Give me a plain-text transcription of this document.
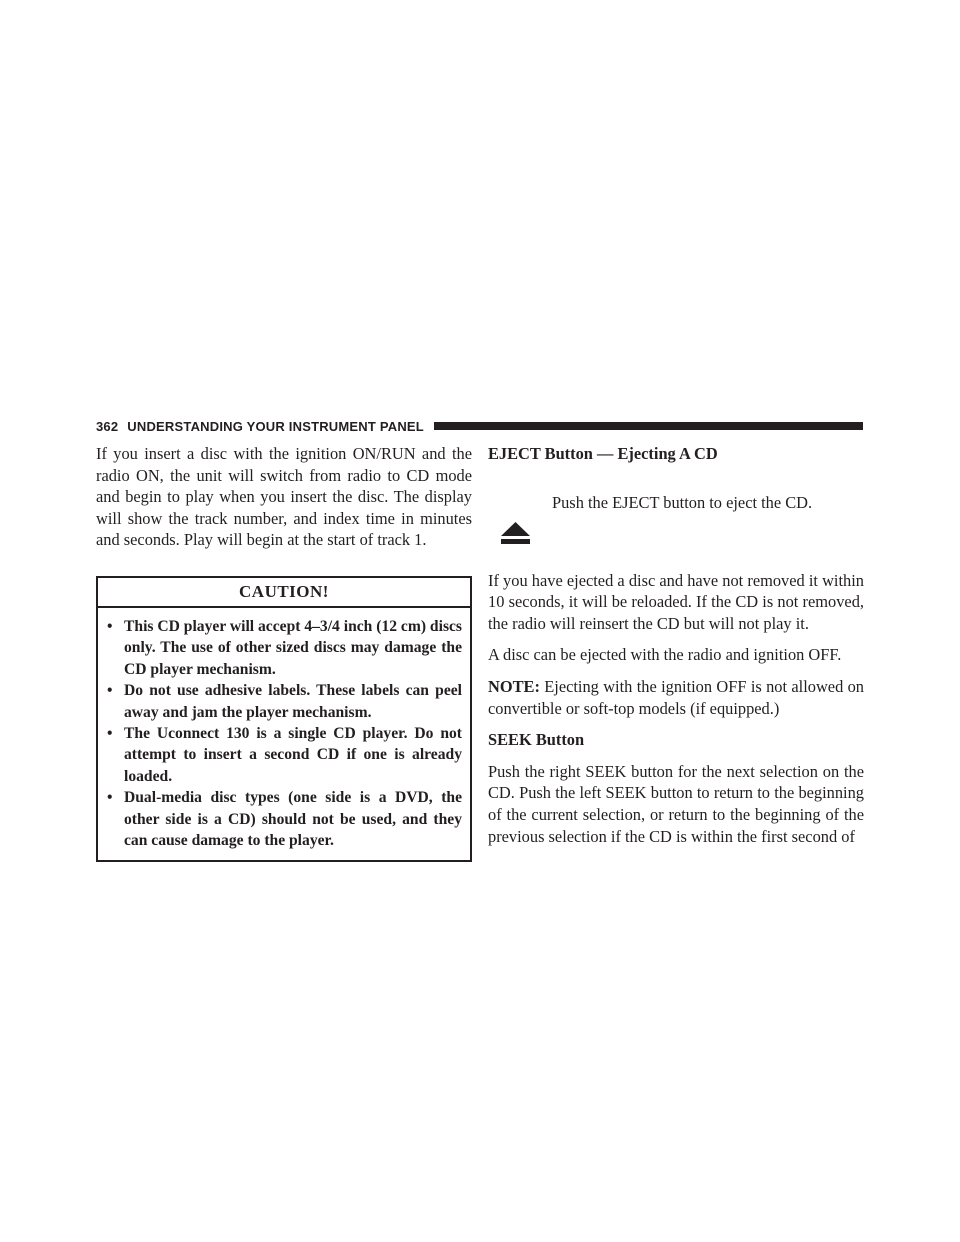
362 UNDERSTANDING YOUR INSTRUMENT PANEL

If you insert a disc with the ignition ON/RUN and the radio ON, the unit will switch from radio to CD mode and begin to play when you insert the disc. The display will show the track number, and index time in minutes and seconds. Play will begin at the start of track 1.

CAUTION!
• This CD player will accept 4–3/4 inch (12 cm) discs only. The use of other sized discs may damage the CD player mechanism.
• Do not use adhesive labels. These labels can peel away and jam the player mechanism.
• The Uconnect 130 is a single CD player. Do not attempt to insert a second CD if one is already loaded.
• Dual-media disc types (one side is a DVD, the other side is a CD) should not be used, and they can cause damage to the player.

EJECT Button — Ejecting A CD

Push the EJECT button to eject the CD.

If you have ejected a disc and have not removed it within 10 seconds, it will be reloaded. If the CD is not removed, the radio will reinsert the CD but will not play it.

A disc can be ejected with the radio and ignition OFF.

NOTE: Ejecting with the ignition OFF is not allowed on convertible or soft-top models (if equipped.)

SEEK Button

Push the right SEEK button for the next selection on the CD. Push the left SEEK button to return to the beginning of the current selection, or return to the beginning of the previous selection if the CD is within the first second of
